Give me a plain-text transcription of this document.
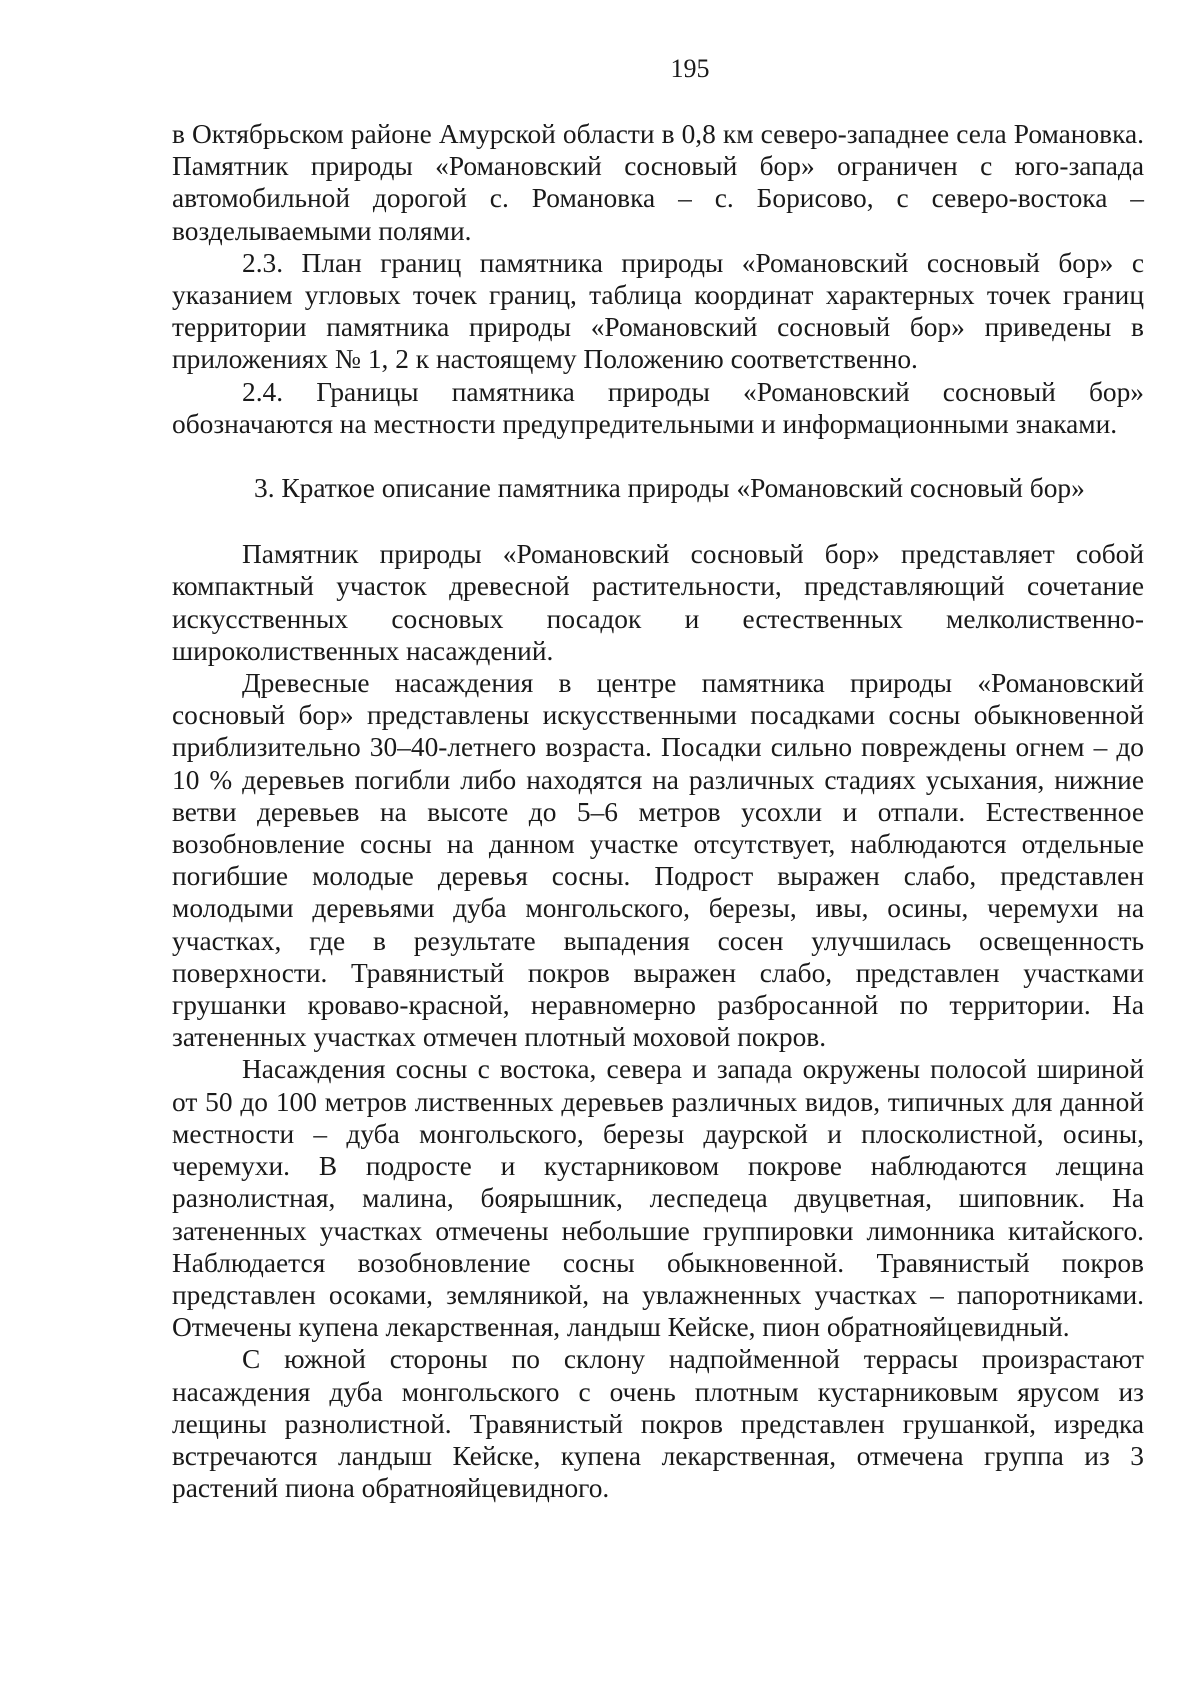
195

в Октябрьском районе Амурской области в 0,8 км северо-западнее села Романовка. Памятник природы «Романовский сосновый бор» ограничен с юго-запада автомобильной дорогой с. Романовка – с. Борисово, с северо-востока – возделываемыми полями.

2.3. План границ памятника природы «Романовский сосновый бор» с указанием угловых точек границ, таблица координат характерных точек границ территории памятника природы «Романовский сосновый бор» приведены в приложениях № 1, 2 к настоящему Положению соответственно.

2.4. Границы памятника природы «Романовский сосновый бор» обозначаются на местности предупредительными и информационными знаками.

3. Краткое описание памятника природы «Романовский сосновый бор»

Памятник природы «Романовский сосновый бор» представляет собой компактный участок древесной растительности, представляющий сочетание искусственных сосновых посадок и естественных мелколиственно-широколиственных насаждений.

Древесные насаждения в центре памятника природы «Романовский сосновый бор» представлены искусственными посадками сосны обыкновенной приблизительно 30–40-летнего возраста. Посадки сильно повреждены огнем – до 10 % деревьев погибли либо находятся на различных стадиях усыхания, нижние ветви деревьев на высоте до 5–6 метров усохли и отпали. Естественное возобновление сосны на данном участке отсутствует, наблюдаются отдельные погибшие молодые деревья сосны. Подрост выражен слабо, представлен молодыми деревьями дуба монгольского, березы, ивы, осины, черемухи на участках, где в результате выпадения сосен улучшилась освещенность поверхности. Травянистый покров выражен слабо, представлен участками грушанки кроваво-красной, неравномерно разбросанной по территории. На затененных участках отмечен плотный моховой покров.

Насаждения сосны с востока, севера и запада окружены полосой шириной от 50 до 100 метров лиственных деревьев различных видов, типичных для данной местности – дуба монгольского, березы даурской и плосколистной, осины, черемухи. В подросте и кустарниковом покрове наблюдаются лещина разнолистная, малина, боярышник, леспедеца двуцветная, шиповник. На затененных участках отмечены небольшие группировки лимонника китайского. Наблюдается возобновление сосны обыкновенной. Травянистый покров представлен осоками, земляникой, на увлажненных участках – папоротниками. Отмечены купена лекарственная, ландыш Кейске, пион обратнояйцевидный.

С южной стороны по склону надпойменной террасы произрастают насаждения дуба монгольского с очень плотным кустарниковым ярусом из лещины разнолистной. Травянистый покров представлен грушанкой, изредка встречаются ландыш Кейске, купена лекарственная, отмечена группа из 3 растений пиона обратнояйцевидного.
